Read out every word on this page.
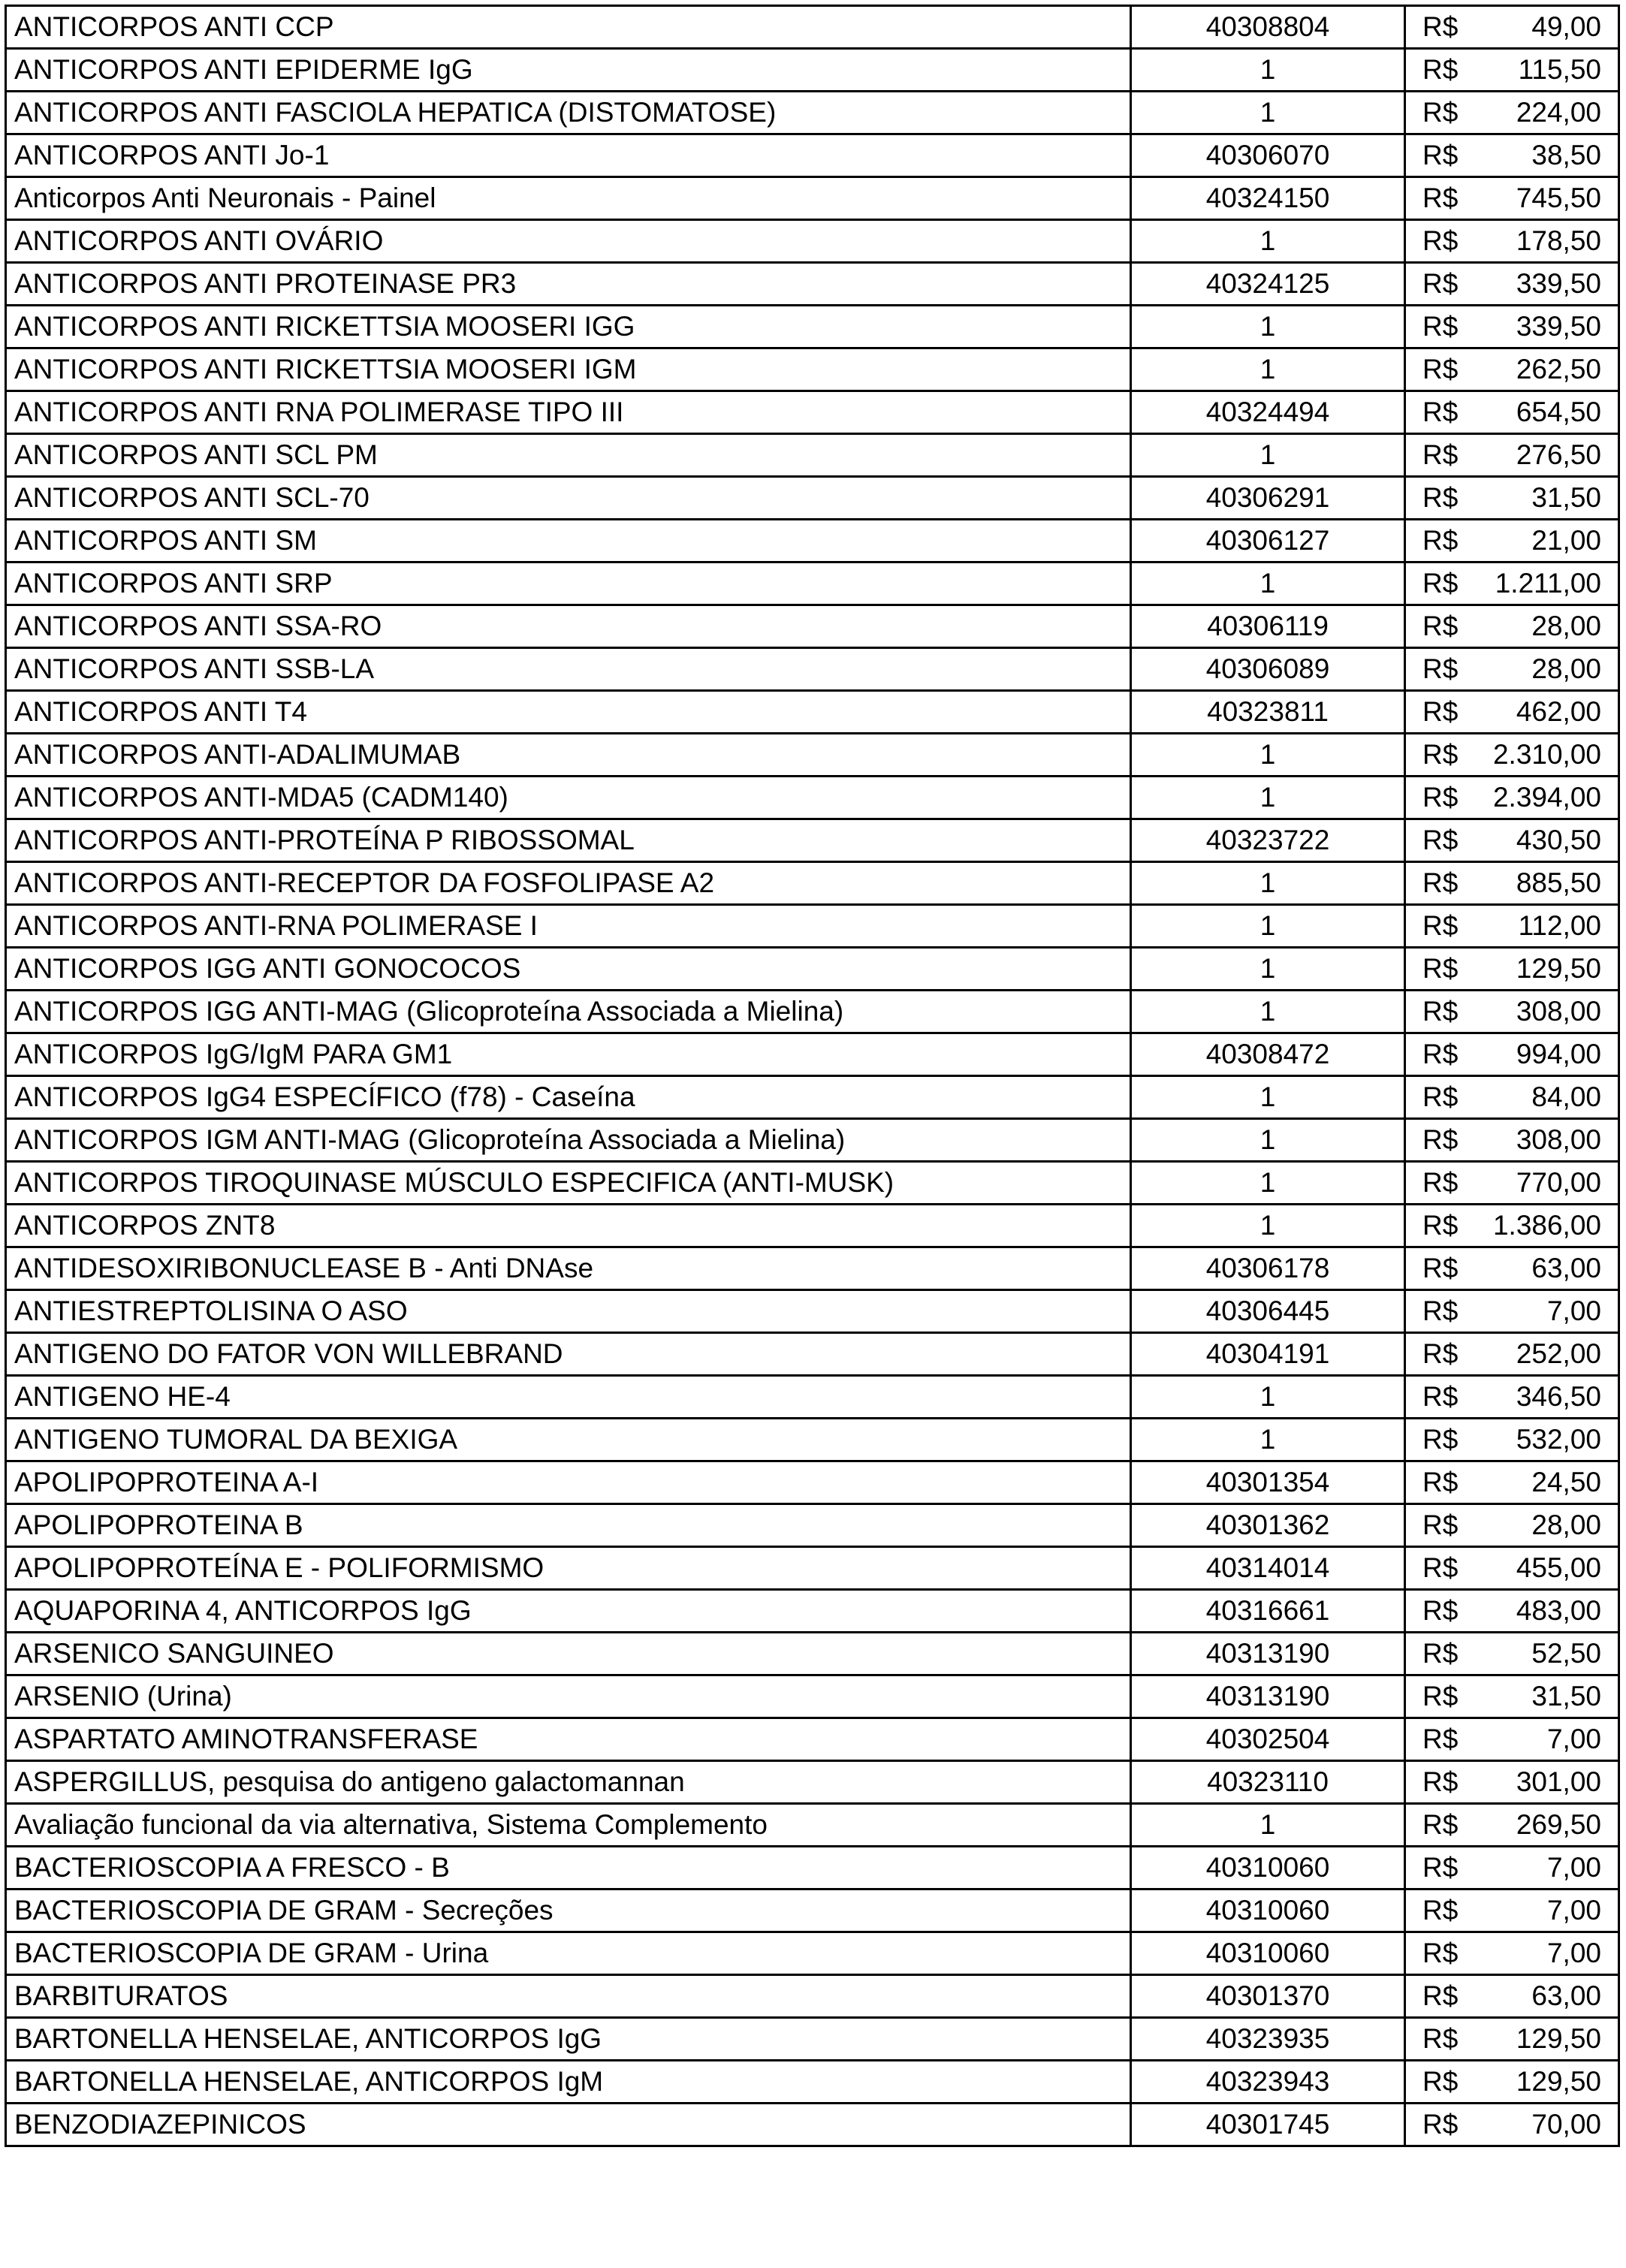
ANTICORPOS ANTI CCP	40308804	R$ 49,00

ANTICORPOS ANTI EPIDERME IgG	1	R$ 115,50

ANTICORPOS ANTI FASCIOLA HEPATICA (DISTOMATOSE)	1	R$ 224,00

ANTICORPOS ANTI Jo-1	40306070	R$ 38,50

Anticorpos Anti Neuronais - Painel	40324150	R$ 745,50

ANTICORPOS ANTI OVÁRIO	1	R$ 178,50

ANTICORPOS ANTI PROTEINASE PR3	40324125	R$ 339,50

ANTICORPOS ANTI RICKETTSIA MOOSERI IGG	1	R$ 339,50

ANTICORPOS ANTI RICKETTSIA MOOSERI IGM	1	R$ 262,50

ANTICORPOS ANTI RNA POLIMERASE TIPO III	40324494	R$ 654,50

ANTICORPOS ANTI SCL PM	1	R$ 276,50

ANTICORPOS ANTI SCL-70	40306291	R$ 31,50

ANTICORPOS ANTI SM	40306127	R$ 21,00

ANTICORPOS ANTI SRP	1	R$ 1.211,00

ANTICORPOS ANTI SSA-RO	40306119	R$ 28,00

ANTICORPOS ANTI SSB-LA	40306089	R$ 28,00

ANTICORPOS ANTI T4	40323811	R$ 462,00

ANTICORPOS ANTI-ADALIMUMAB	1	R$ 2.310,00

ANTICORPOS ANTI-MDA5 (CADM140)	1	R$ 2.394,00

ANTICORPOS ANTI-PROTEÍNA P RIBOSSOMAL	40323722	R$ 430,50

ANTICORPOS ANTI-RECEPTOR DA FOSFOLIPASE A2	1	R$ 885,50

ANTICORPOS ANTI-RNA POLIMERASE I	1	R$ 112,00

ANTICORPOS IGG ANTI GONOCOCOS	1	R$ 129,50

ANTICORPOS IGG ANTI-MAG (Glicoproteína Associada a Mielina)	1	R$ 308,00

ANTICORPOS IgG/IgM PARA GM1	40308472	R$ 994,00

ANTICORPOS IgG4 ESPECÍFICO (f78) - Caseína	1	R$ 84,00

ANTICORPOS IGM ANTI-MAG (Glicoproteína Associada a Mielina)	1	R$ 308,00

ANTICORPOS TIROQUINASE MÚSCULO ESPECIFICA (ANTI-MUSK)	1	R$ 770,00

ANTICORPOS ZNT8	1	R$ 1.386,00

ANTIDESOXIRIBONUCLEASE B - Anti DNAse	40306178	R$ 63,00

ANTIESTREPTOLISINA O ASO	40306445	R$ 7,00

ANTIGENO DO FATOR VON WILLEBRAND	40304191	R$ 252,00

ANTIGENO HE-4	1	R$ 346,50

ANTIGENO TUMORAL DA BEXIGA	1	R$ 532,00

APOLIPOPROTEINA A-I	40301354	R$ 24,50

APOLIPOPROTEINA B	40301362	R$ 28,00

APOLIPOPROTEÍNA E - POLIFORMISMO	40314014	R$ 455,00

AQUAPORINA 4, ANTICORPOS IgG	40316661	R$ 483,00

ARSENICO SANGUINEO	40313190	R$ 52,50

ARSENIO (Urina)	40313190	R$ 31,50

ASPARTATO AMINOTRANSFERASE	40302504	R$ 7,00

ASPERGILLUS, pesquisa do antigeno galactomannan	40323110	R$ 301,00

Avaliação funcional da via alternativa, Sistema Complemento	1	R$ 269,50

BACTERIOSCOPIA A FRESCO - B	40310060	R$ 7,00

BACTERIOSCOPIA DE GRAM - Secreções	40310060	R$ 7,00

BACTERIOSCOPIA DE GRAM - Urina	40310060	R$ 7,00

BARBITURATOS	40301370	R$ 63,00

BARTONELLA HENSELAE, ANTICORPOS IgG	40323935	R$ 129,50

BARTONELLA HENSELAE, ANTICORPOS IgM	40323943	R$ 129,50

BENZODIAZEPINICOS	40301745	R$ 70,00
